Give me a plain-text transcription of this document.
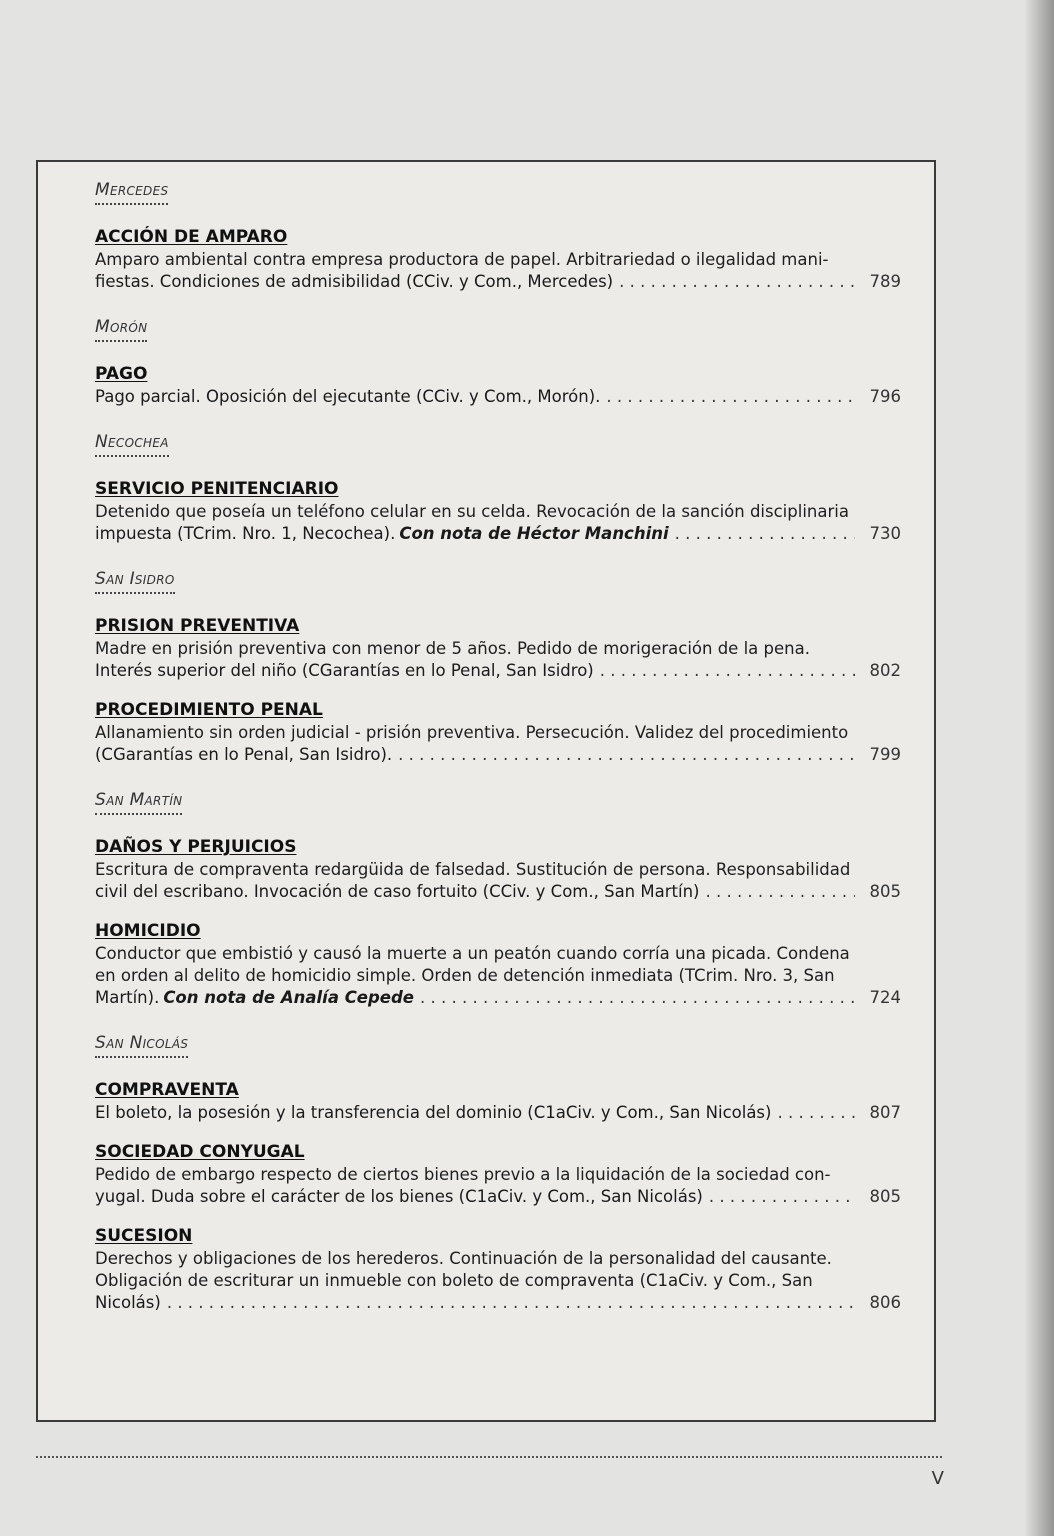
Mercedes
ACCIÓN DE AMPARO
Amparo ambiental contra empresa productora de papel. Arbitrariedad o ilegalidad mani-
fiestas. Condiciones de admisibilidad (CCiv. y Com., Mercedes) . . .	789
Morón
PAGO
Pago parcial. Oposición del ejecutante (CCiv. y Com., Morón). . . .	796
Necochea
SERVICIO PENITENCIARIO
Detenido que poseía un teléfono celular en su celda. Revocación de la sanción disciplinaria
impuesta (TCrim. Nro. 1, Necochea). Con nota de Héctor Manchini . . .	730
San Isidro
PRISION PREVENTIVA
Madre en prisión preventiva con menor de 5 años. Pedido de morigeración de la pena.
Interés superior del niño (CGarantías en lo Penal, San Isidro) . . .	802
PROCEDIMIENTO PENAL
Allanamiento sin orden judicial - prisión preventiva. Persecución. Validez del procedimiento
(CGarantías en lo Penal, San Isidro). . . .	799
San Martín
DAÑOS Y PERJUICIOS
Escritura de compraventa redargüida de falsedad. Sustitución de persona. Responsabilidad
civil del escribano. Invocación de caso fortuito (CCiv. y Com., San Martín) . . .	805
HOMICIDIO
Conductor que embistió y causó la muerte a un peatón cuando corría una picada. Condena
en orden al delito de homicidio simple. Orden de detención inmediata (TCrim. Nro. 3, San
Martín). Con nota de Analía Cepede . . .	724
San Nicolás
COMPRAVENTA
El boleto, la posesión y la transferencia del dominio (C1aCiv. y Com., San Nicolás) . . .	807
SOCIEDAD CONYUGAL
Pedido de embargo respecto de ciertos bienes previo a la liquidación de la sociedad con-
yugal. Duda sobre el carácter de los bienes (C1aCiv. y Com., San Nicolás) . . .	805
SUCESION
Derechos y obligaciones de los herederos. Continuación de la personalidad del causante.
Obligación de escriturar un inmueble con boleto de compraventa (C1aCiv. y Com., San
Nicolás) . . .	806
V
